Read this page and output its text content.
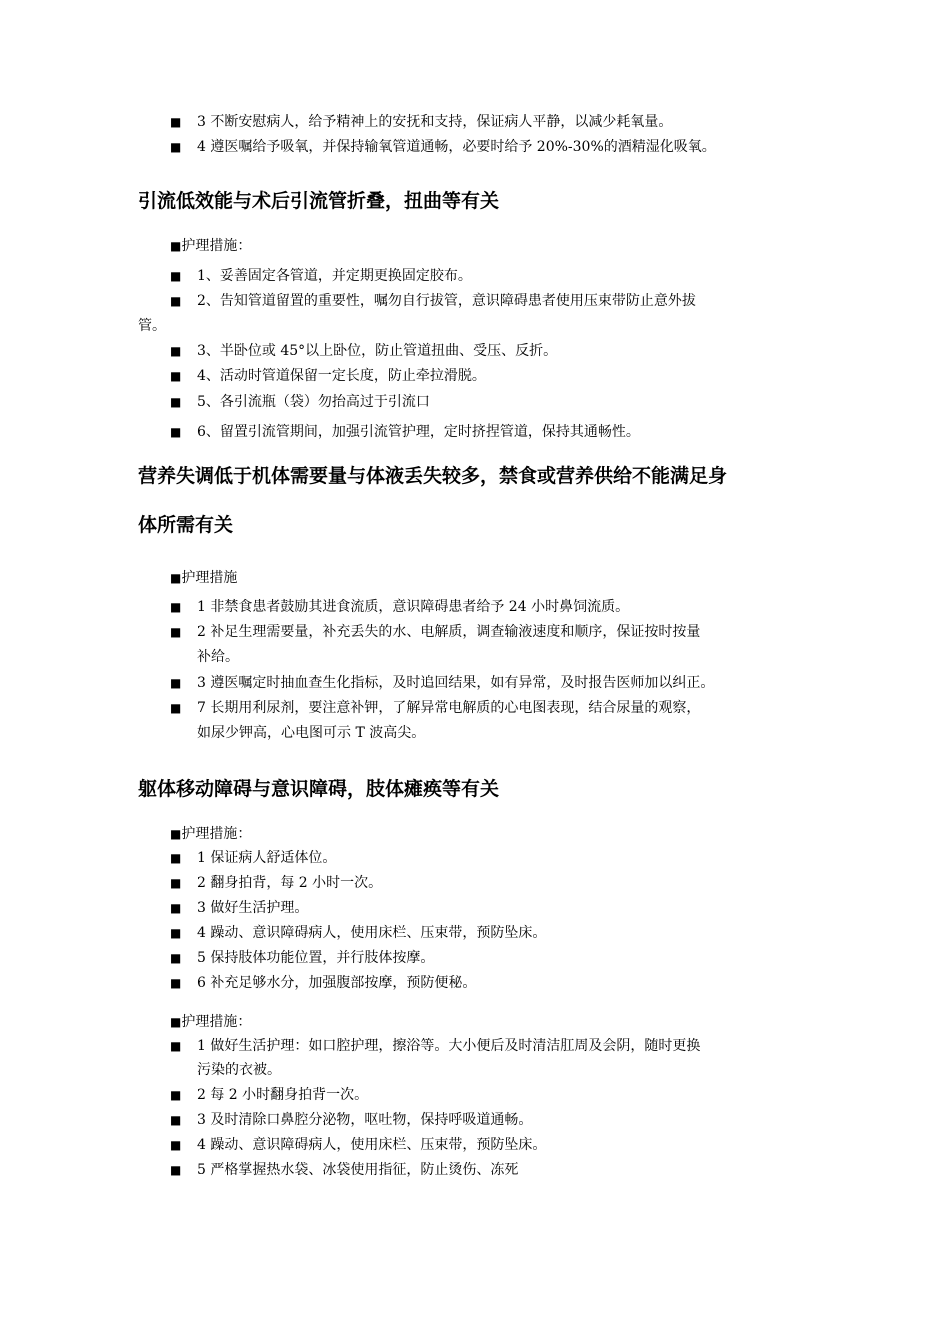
■ 3 不断安慰病人，给予精神上的安抚和支持，保证病人平静，以减少耗氧量。
■ 4 遵医嘱给予吸氧，并保持输氧管道通畅，必要时给予 20%-30%的酒精湿化吸氧。
引流低效能与术后引流管折叠，扭曲等有关
■护理措施：
■ 1、妥善固定各管道，并定期更换固定胶布。
■ 2、告知管道留置的重要性，嘱勿自行拔管，意识障碍患者使用压束带防止意外拔
管。
■ 3、半卧位或 45°以上卧位，防止管道扭曲、受压、反折。
■ 4、活动时管道保留一定长度，防止牵拉滑脱。
■ 5、各引流瓶（袋）勿抬高过于引流口
■ 6、留置引流管期间，加强引流管护理，定时挤捏管道，保持其通畅性。
营养失调低于机体需要量与体液丢失较多，禁食或营养供给不能满足身
体所需有关
■护理措施
■ 1 非禁食患者鼓励其进食流质，意识障碍患者给予 24 小时鼻饲流质。
■ 2 补足生理需要量，补充丢失的水、电解质，调查输液速度和顺序，保证按时按量
补给。
■ 3 遵医嘱定时抽血查生化指标，及时追回结果，如有异常，及时报告医师加以纠正。
■ 7 长期用利尿剂，要注意补钾，了解异常电解质的心电图表现，结合尿量的观察，
如尿少钾高，心电图可示 T 波高尖。
躯体移动障碍与意识障碍，肢体瘫痪等有关
■护理措施：
■ 1 保证病人舒适体位。
■ 2 翻身拍背，每 2 小时一次。
■ 3 做好生活护理。
■ 4 躁动、意识障碍病人，使用床栏、压束带，预防坠床。
■ 5 保持肢体功能位置，并行肢体按摩。
■ 6 补充足够水分，加强腹部按摩，预防便秘。
■护理措施：
■ 1 做好生活护理：如口腔护理，擦浴等。大小便后及时清洁肛周及会阴，随时更换
污染的衣被。
■ 2 每 2 小时翻身拍背一次。
■ 3 及时清除口鼻腔分泌物，呕吐物，保持呼吸道通畅。
■ 4 躁动、意识障碍病人，使用床栏、压束带，预防坠床。
■ 5 严格掌握热水袋、冰袋使用指征，防止烫伤、冻死
